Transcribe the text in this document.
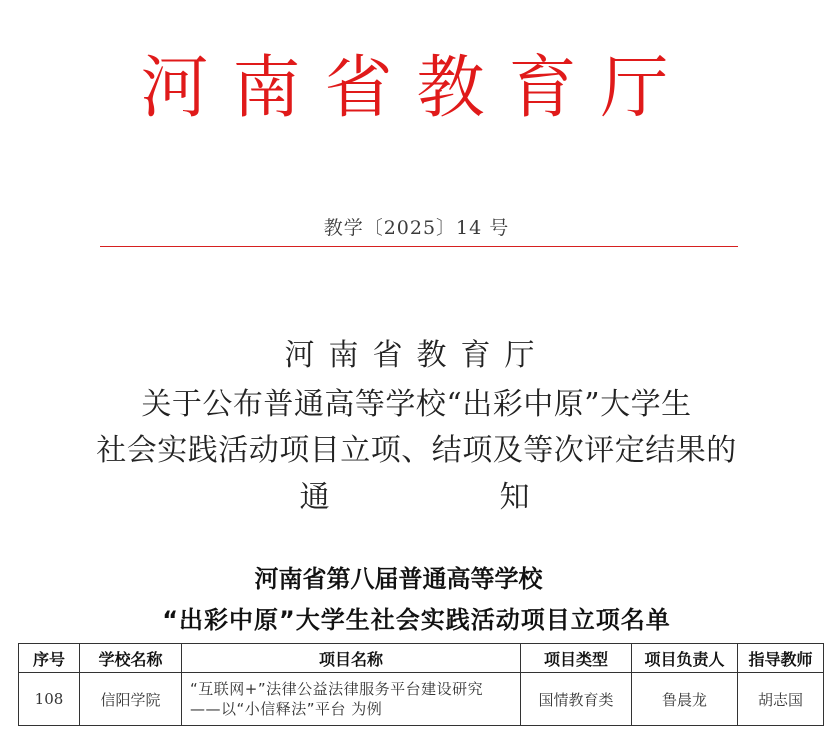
河南省教育厅
教学〔2025〕14 号
河南省教育厅
关于公布普通高等学校“出彩中原”大学生
社会实践活动项目立项、结项及等次评定结果的
通	知
河南省第八届普通高等学校
“出彩中原”大学生社会实践活动项目立项名单
序号	学校名称	项目名称	项目类型	项目负责人	指导教师
108	信阳学院	“互联网+”法律公益法律服务平台建设研究——以“小信释法”平台 为例	国情教育类	鲁晨龙	胡志国
